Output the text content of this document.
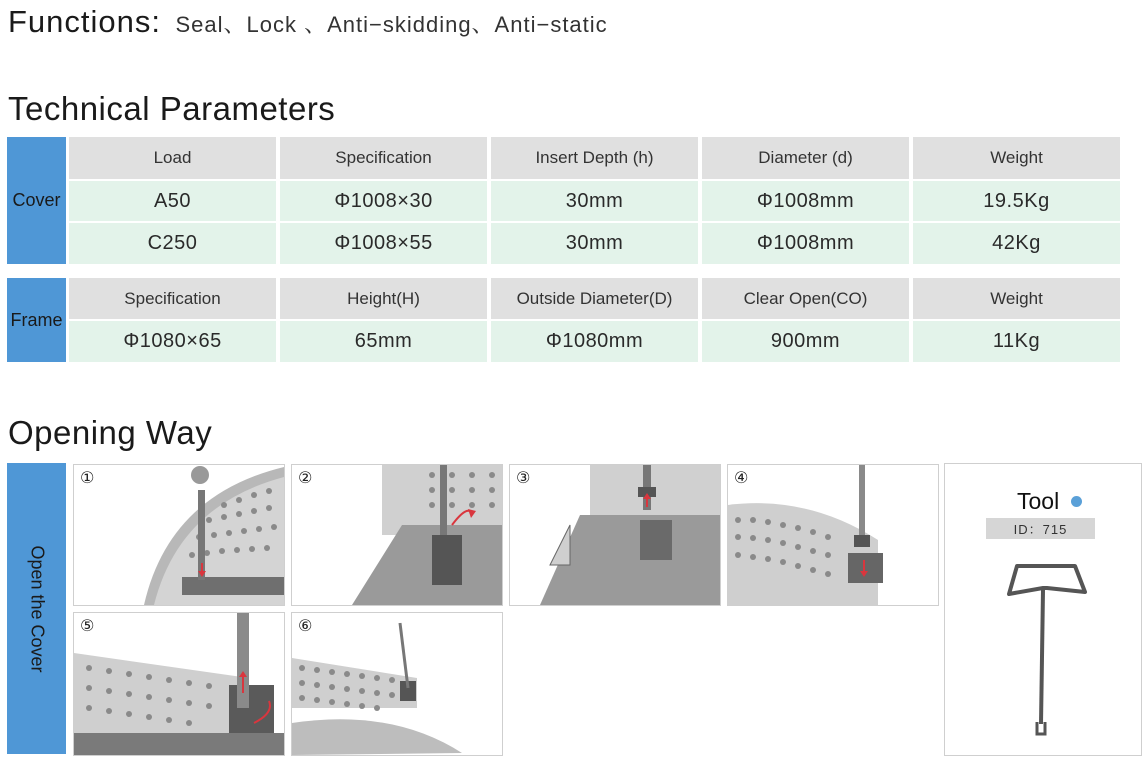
Functions: Seal、Lock 、Anti−skidding、Anti−static
Technical Parameters
Cover
Load	Specification	Insert Depth (h)	Diameter (d)	Weight
A50	Φ1008×30	30mm	Φ1008mm	19.5Kg
C250	Φ1008×55	30mm	Φ1008mm	42Kg
Frame
Specification	Height(H)	Outside Diameter(D)	Clear Open(CO)	Weight
Φ1080×65	65mm	Φ1080mm	900mm	11Kg
Opening Way
Open the Cover
①	②	③	④
⑤	⑥
Tool
ID：715
